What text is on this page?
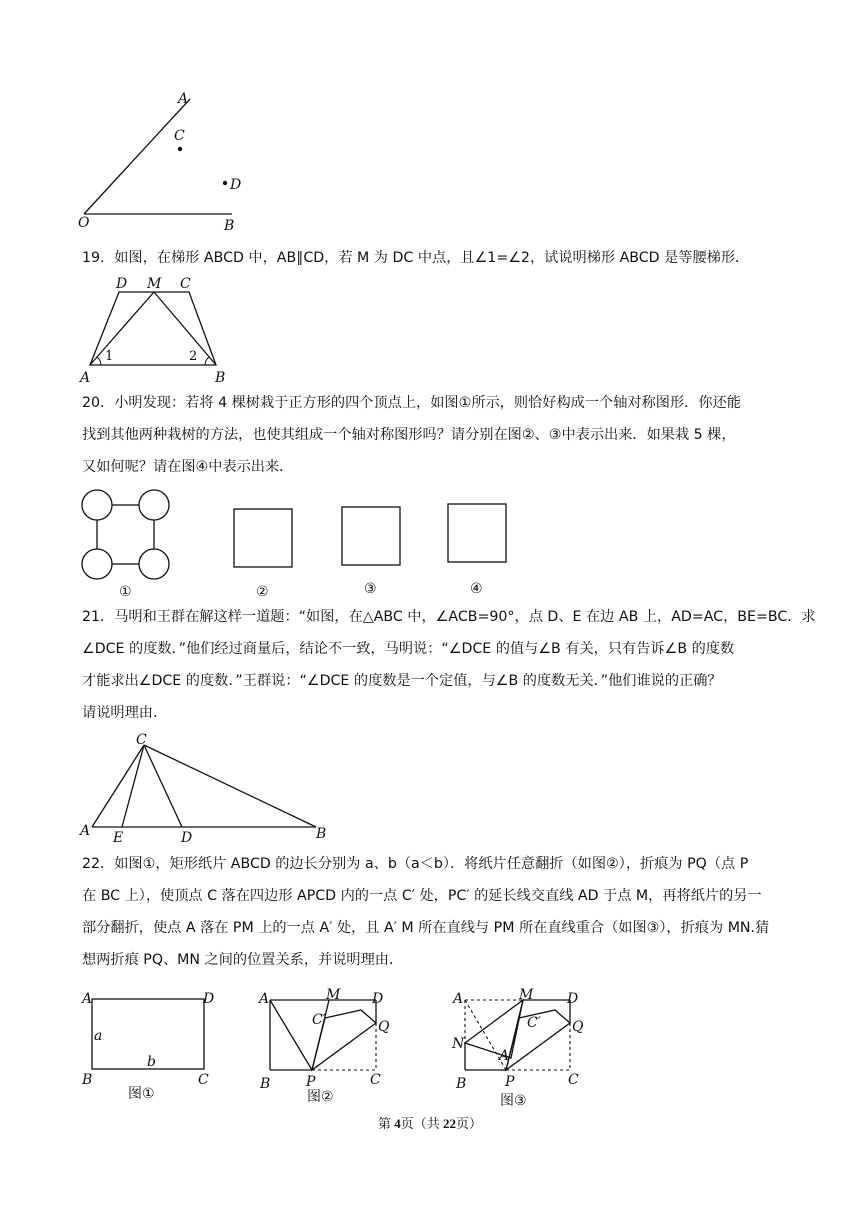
A
C
D
O	B

19．如图，在梯形 ABCD 中，AB∥CD，若 M 为 DC 中点，且∠1=∠2，试说明梯形 ABCD 是等腰梯形．

D M C
A	B
1	2

20．小明发现：若将 4 棵树栽于正方形的四个顶点上，如图①所示，则恰好构成一个轴对称图形．你还能
找到其他两种栽树的方法，也使其组成一个轴对称图形吗？请分别在图②、③中表示出来．如果栽 5 棵，
又如何呢？请在图④中表示出来．

①	②	③	④

21．马明和王群在解这样一道题：“如图，在△ABC 中，∠ACB=90°，点 D、E 在边 AB 上，AD=AC，BE=BC．求
∠DCE 的度数．”他们经过商量后，结论不一致，马明说：“∠DCE 的值与∠B 有关，只有告诉∠B 的度数
才能求出∠DCE 的度数．”王群说：“∠DCE 的度数是一个定值，与∠B 的度数无关．”他们谁说的正确？
请说明理由．

C
A E	D	B

22．如图①，矩形纸片 ABCD 的边长分别为 a、b（a＜b）．将纸片任意翻折（如图②），折痕为 PQ（点 P
在 BC 上），使顶点 C 落在四边形 APCD 内的一点 C′ 处，PC′ 的延长线交直线 AD 于点 M，再将纸片的另一
部分翻折，使点 A 落在 PM 上的一点 A′ 处，且 A′ M 所在直线与 PM 所在直线重合（如图③），折痕为 MN.猜
想两折痕 PQ、MN 之间的位置关系，并说明理由．

A	D
B	C
a
b
图①
A	M D
C′	Q
B	P	C
图②
A	M D
C′ Q
N
A′
B	P	C
图③
第 4页（共 22页）
